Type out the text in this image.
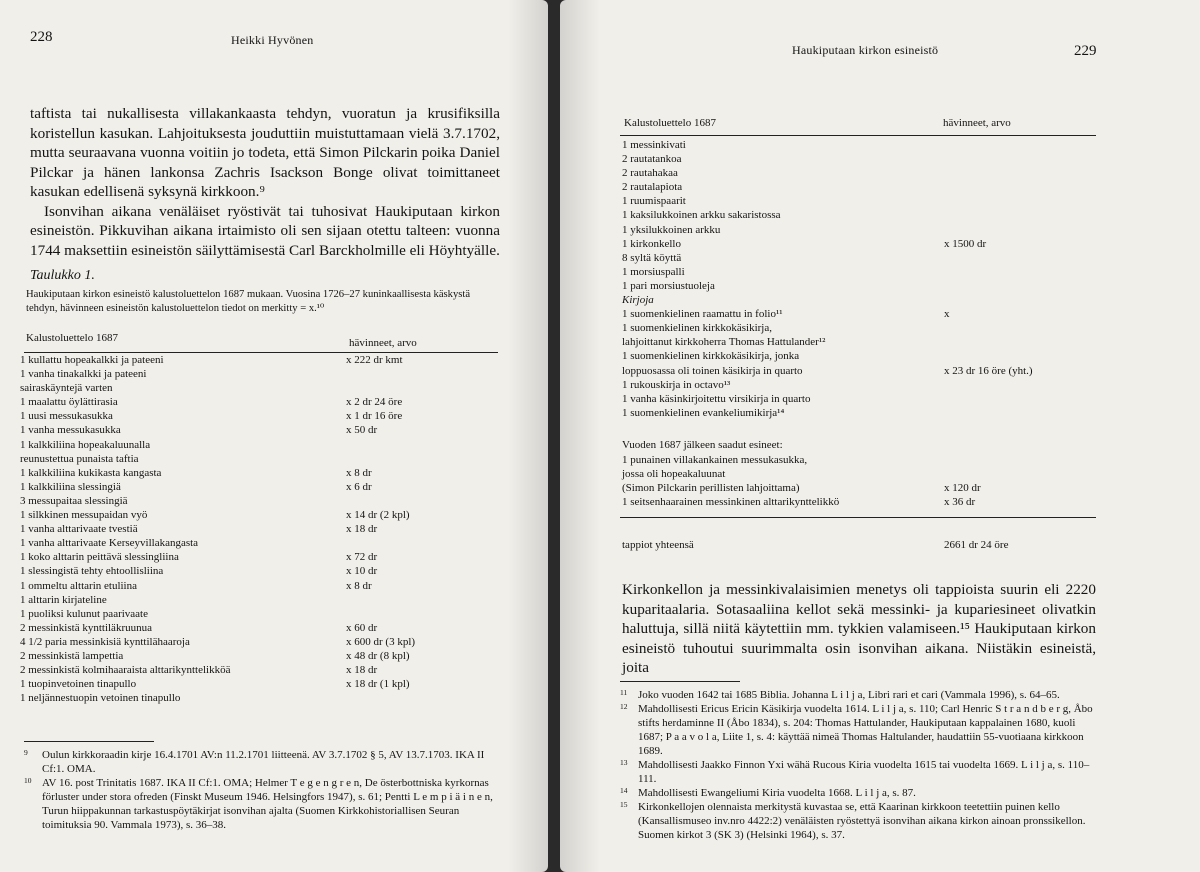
228	Heikki Hyvönen

taftista tai nukallisesta villakankaasta tehdyn, vuoratun ja krusifiksilla koristellun kasukan. Lahjoituksesta jouduttiin muistuttamaan vielä 3.7.1702, mutta seuraavana vuonna voitiin jo todeta, että Simon Pilckarin poika Daniel Pilckar ja hänen lankonsa Zachris Isackson Bonge olivat toimittaneet kasukan edellisenä syksynä kirkkoon.⁹

Isonvihan aikana venäläiset ryöstivät tai tuhosivat Haukiputaan kirkon esineistön. Pikkuvihan aikana irtaimisto oli sen sijaan otettu talteen: vuonna 1744 maksettiin esineistön säilyttämisestä Carl Barckholmille eli Höyhtyälle.

Taulukko 1.
Haukiputaan kirkon esineistö kalustoluettelon 1687 mukaan. Vuosina 1726–27 kuninkaallisesta käskystä tehdyn, hävinneen esineistön kalustoluettelon tiedot on merkitty = x.¹⁰
Kalustoluettelo 1687	hävinneet, arvo
1 kullattu hopeakalkki ja pateeni	x 222 dr kmt
1 vanha tinakalkki ja pateeni
sairaskäyntejä varten
1 maalattu öylättirasia	x 2 dr 24 öre
1 uusi messukasukka	x 1 dr 16 öre
1 vanha messukasukka	x 50 dr
1 kalkkiliina hopeakaluunalla
reunustettua punaista taftia
1 kalkkiliina kukikasta kangasta	x 8 dr
1 kalkkiliina slessingiä	x 6 dr
3 messupaitaa slessingiä
1 silkkinen messupaidan vyö	x 14 dr (2 kpl)
1 vanha alttarivaate tvestiä	x 18 dr
1 vanha alttarivaate Kerseyvillakangasta
1 koko alttarin peittävä slessingliina	x 72 dr
1 slessingistä tehty ehtoollisliina	x 10 dr
1 ommeltu alttarin etuliina	x 8 dr
1 alttarin kirjateline
1 puoliksi kulunut paarivaate
2 messinkistä kynttiläkruunua	x 60 dr
4 1/2 paria messinkisiä kynttilähaaroja	x 600 dr (3 kpl)
2 messinkistä lampettia	x 48 dr (8 kpl)
2 messinkistä kolmihaaraista alttarikynttelikköä	x 18 dr
1 tuopinvetoinen tinapullo	x 18 dr (1 kpl)
1 neljännestuopin vetoinen tinapullo
9 Oulun kirkkoraadin kirje 16.4.1701 AV:n 11.2.1701 liitteenä. AV 3.7.1702 § 5, AV 13.7.1703. IKA II Cf:1. OMA.
10 AV 16. post Trinitatis 1687. IKA II Cf:1. OMA; Helmer T e g e n g r e n, De österbottniska kyrkornas förluster under stora ofreden (Finskt Museum 1946. Helsingfors 1947), s. 61; Pentti L e m p i ä i n e n, Turun hiippakunnan tarkastuspöytäkirjat isonvihan ajalta (Suomen Kirkkohistoriallisen Seuran toimituksia 90. Vammala 1973), s. 36–38.
Haukiputaan kirkon esineistö	229
Kalustoluettelo 1687	hävinneet, arvo
1 messinkivati
2 rautatankoa
2 rautahakaa
2 rautalapiota
1 ruumispaarit
1 kaksilukkoinen arkku sakaristossa
1 yksilukkoinen arkku
1 kirkonkello	x 1500 dr
8 syltä köyttä
1 morsiuspalli
1 pari morsiustuoleja
Kirjoja
1 suomenkielinen raamattu in folio¹¹	x
1 suomenkielinen kirkkokäsikirja,
lahjoittanut kirkkoherra Thomas Hattulander¹²
1 suomenkielinen kirkkokäsikirja, jonka
loppuosassa oli toinen käsikirja in quarto	x 23 dr 16 öre (yht.)
1 rukouskirja in octavo¹³
1 vanha käsinkirjoitettu virsikirja in quarto
1 suomenkielinen evankeliumikirja¹⁴
Vuoden 1687 jälkeen saadut esineet:
1 punainen villakankainen messukasukka,
jossa oli hopeakaluunat
(Simon Pilckarin perillisten lahjoittama)	x 120 dr
1 seitsenhaarainen messinkinen alttarikynttelikkö	x 36 dr
tappiot yhteensä	2661 dr 24 öre

Kirkonkellon ja messinkivalaisimien menetys oli tappioista suurin eli 2220 kuparitaalaria. Sotasaaliina kellot sekä messinki- ja kupariesineet olivatkin haluttuja, sillä niitä käytettiin mm. tykkien valamiseen.¹⁵ Haukiputaan kirkon esineistö tuhoutui suurimmalta osin isonvihan aikana. Niistäkin esineistä, joita

11 Joko vuoden 1642 tai 1685 Biblia. Johanna L i l j a, Libri rari et cari (Vammala 1996), s. 64–65.
12 Mahdollisesti Ericus Ericin Käsikirja vuodelta 1614. L i l j a, s. 110; Carl Henric S t r a n d b e r g, Åbo stifts herdaminne II (Åbo 1834), s. 204: Thomas Hattulander, Haukiputaan kappalainen 1680, kuoli 1687; P a a v o l a, Liite 1, s. 4: käyttää nimeä Thomas Haltulander, haudattiin 55-vuotiaana kirkkoon 1689.
13 Mahdollisesti Jaakko Finnon Yxi wähä Rucous Kiria vuodelta 1615 tai vuodelta 1669. L i l j a, s. 110–111.
14 Mahdollisesti Ewangeliumi Kiria vuodelta 1668. L i l j a, s. 87.
15 Kirkonkellojen olennaista merkitystä kuvastaa se, että Kaarinan kirkkoon teetettiin puinen kello (Kansallismuseo inv.nro 4422:2) venäläisten ryöstettyä isonvihan aikana kirkon ainoan pronssikellon. Suomen kirkot 3 (SK 3) (Helsinki 1964), s. 37.
